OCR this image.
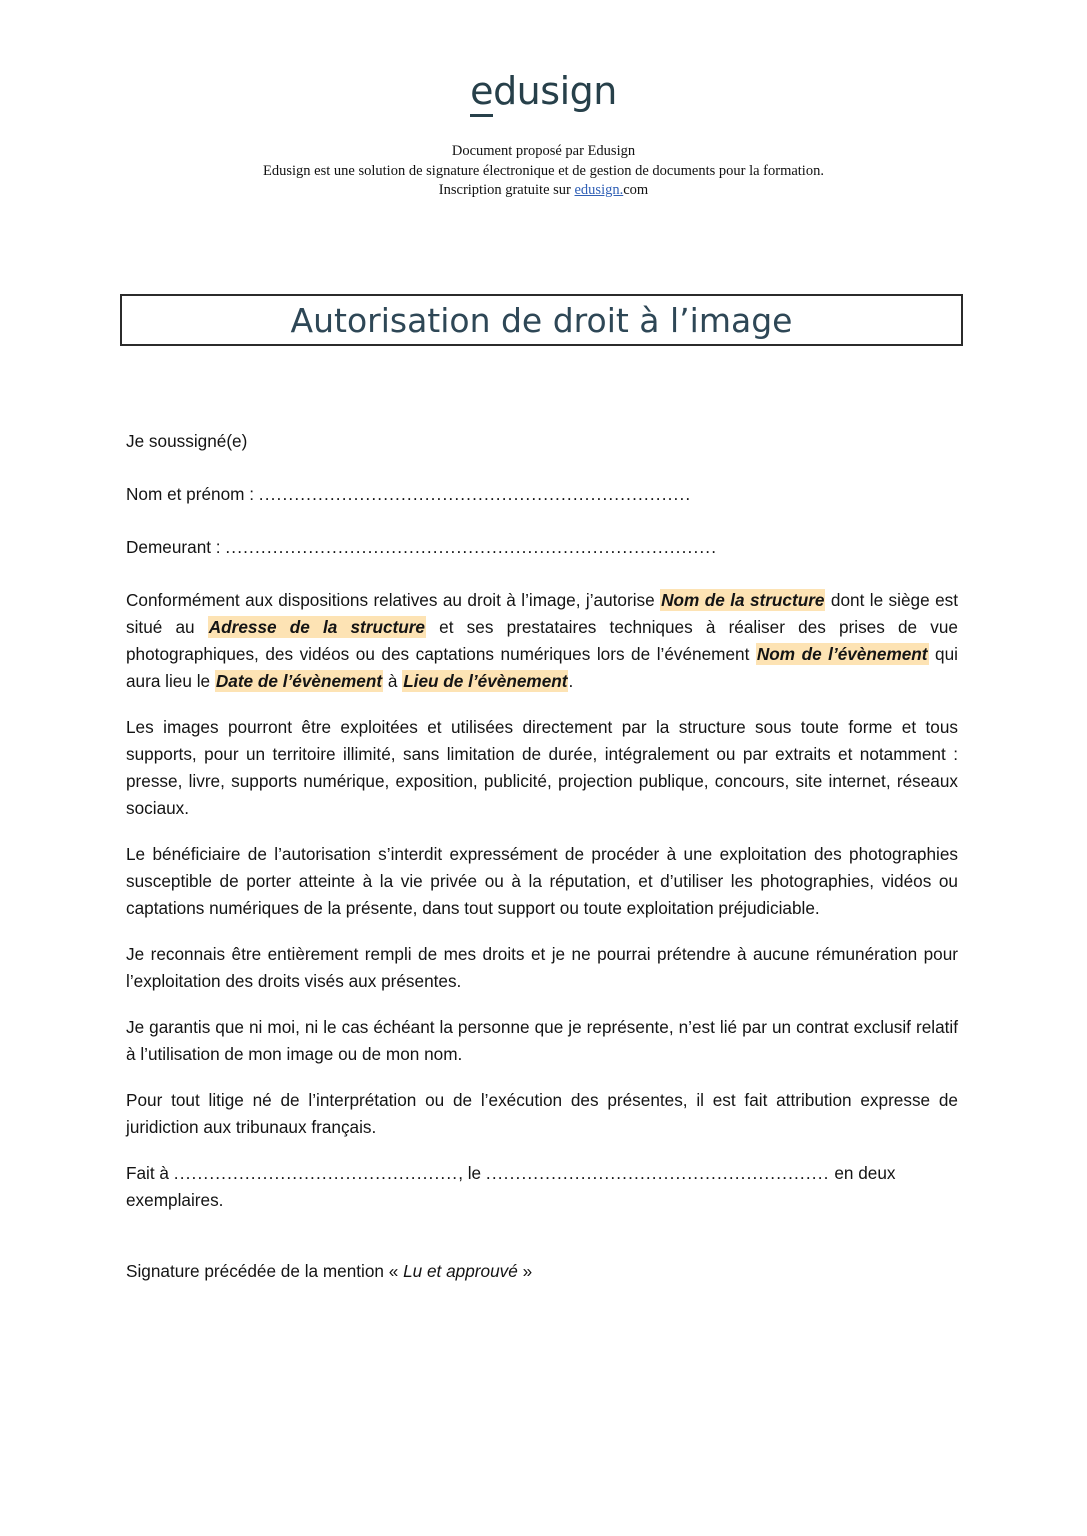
edusign
Document proposé par Edusign
Edusign est une solution de signature électronique et de gestion de documents pour la formation.
Inscription gratuite sur edusign.com
Autorisation de droit à l’image

Je soussigné(e)

Nom et prénom : .........................................................................

Demeurant : ...................................................................................

Conformément aux dispositions relatives au droit à l’image, j’autorise Nom de la structure dont le siège est situé au Adresse de la structure et ses prestataires techniques à réaliser des prises de vue photographiques, des vidéos ou des captations numériques lors de l’événement Nom de l’évènement qui aura lieu le Date de l’évènement à Lieu de l’évènement.

Les images pourront être exploitées et utilisées directement par la structure sous toute forme et tous supports, pour un territoire illimité, sans limitation de durée, intégralement ou par extraits et notamment : presse, livre, supports numérique, exposition, publicité, projection publique, concours, site internet, réseaux sociaux.

Le bénéficiaire de l’autorisation s’interdit expressément de procéder à une exploitation des photographies susceptible de porter atteinte à la vie privée ou à la réputation, et d’utiliser les photographies, vidéos ou captations numériques de la présente, dans tout support ou toute exploitation préjudiciable.

Je reconnais être entièrement rempli de mes droits et je ne pourrai prétendre à aucune rémunération pour l’exploitation des droits visés aux présentes.

Je garantis que ni moi, ni le cas échéant la personne que je représente, n’est lié par un contrat exclusif relatif à l’utilisation de mon image ou de mon nom.

Pour tout litige né de l’interprétation ou de l’exécution des présentes, il est fait attribution expresse de juridiction aux tribunaux français.

Fait à ................................................, le .......................................................... en deux exemplaires.

Signature précédée de la mention « Lu et approuvé »
